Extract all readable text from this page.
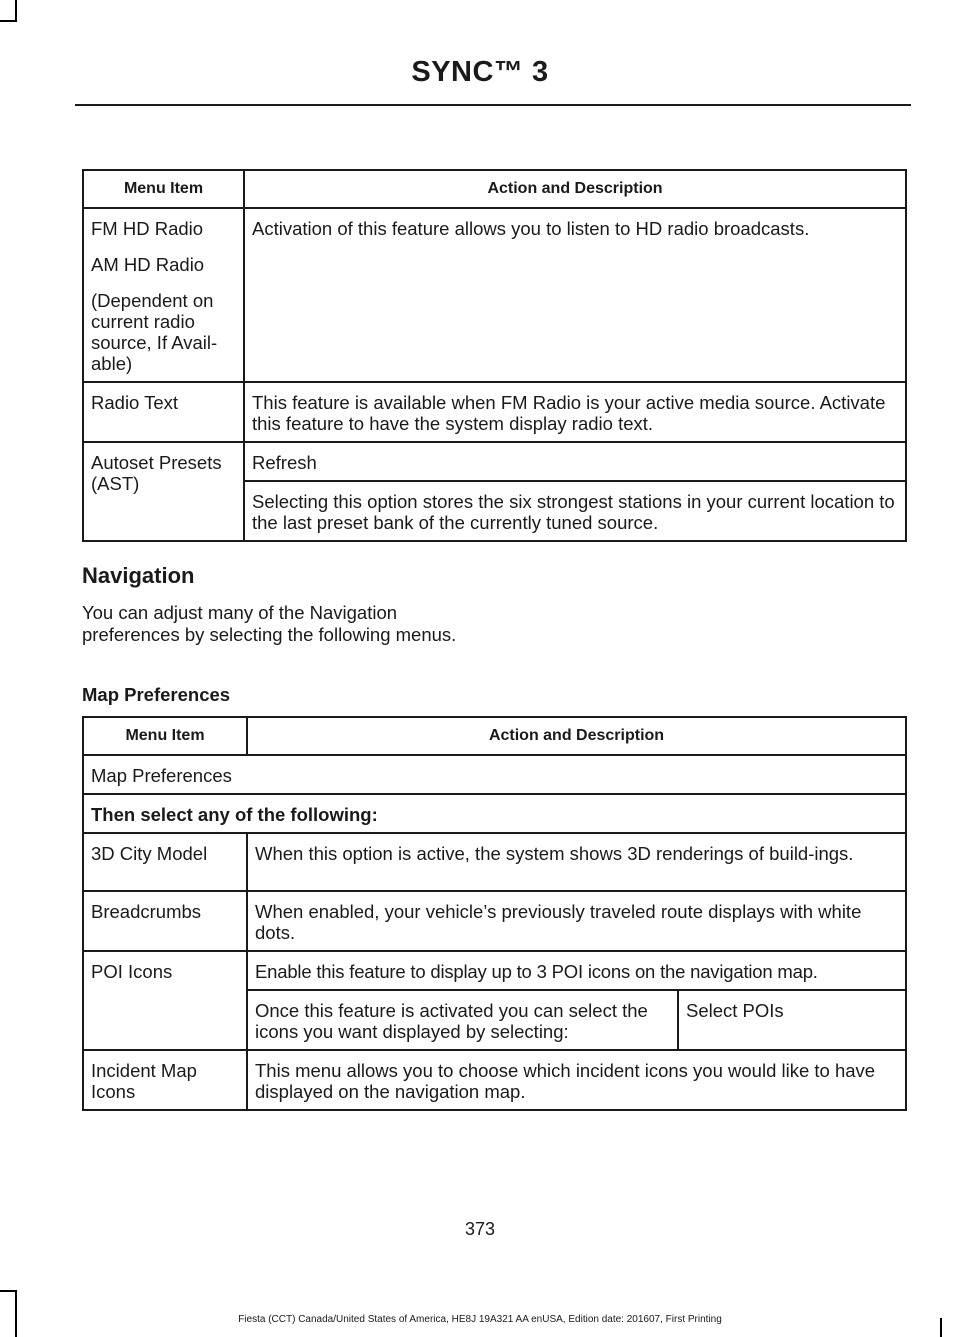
SYNC™ 3
Menu Item	Action and Description

FM HD Radio

AM HD Radio

(Dependent on current radio source, If Avail-able)	Activation of this feature allows you to listen to HD radio broadcasts.
Radio Text	This feature is available when FM Radio is your active media source. Activate this feature to have the system display radio text.
Autoset Presets (AST)	Refresh
	Selecting this option stores the six strongest stations in your current location to the last preset bank of the currently tuned source.
Navigation

You can adjust many of the Navigation preferences by selecting the following menus.

Map Preferences
Menu Item	Action and Description	
Map Preferences		
Then select any of the following:		
3D City Model	When this option is active, the system shows 3D renderings of build-ings.	
Breadcrumbs	When enabled, your vehicle’s previously traveled route displays with white dots.	
POI Icons	Enable this feature to display up to 3 POI icons on the navigation map.	
	Once this feature is activated you can select the icons you want displayed by selecting:	Select POIs
Incident Map Icons	This menu allows you to choose which incident icons you would like to have displayed on the navigation map.	
373
Fiesta (CCT) Canada/United States of America, HE8J 19A321 AA enUSA, Edition date: 201607, First Printing
